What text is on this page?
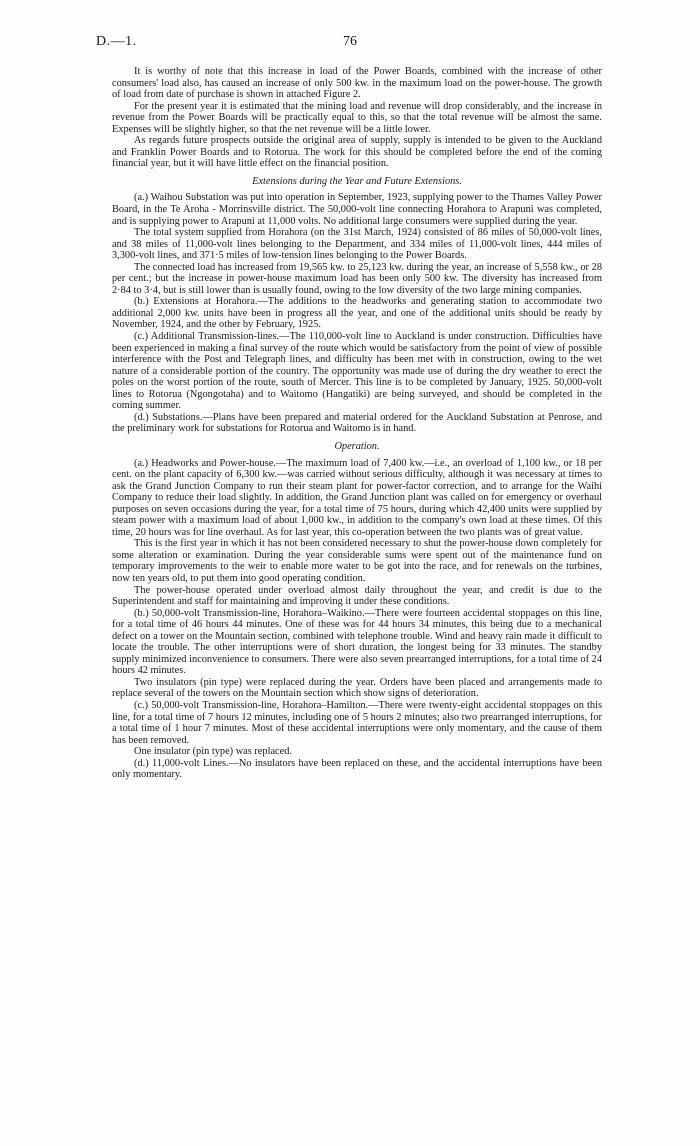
76
D.—1.

It is worthy of note that this increase in load of the Power Boards, combined with the increase of other consumers' load also, has caused an increase of only 500 kw. in the maximum load on the power-house. The growth of load from date of purchase is shown in attached Figure 2.

For the present year it is estimated that the mining load and revenue will drop considerably, and the increase in revenue from the Power Boards will be practically equal to this, so that the total revenue will be almost the same. Expenses will be slightly higher, so that the net revenue will be a little lower.

As regards future prospects outside the original area of supply, supply is intended to be given to the Auckland and Franklin Power Boards and to Rotorua. The work for this should be completed before the end of the coming financial year, but it will have little effect on the financial position.

Extensions during the Year and Future Extensions.

(a.) Waihou Substation was put into operation in September, 1923, supplying power to the Thames Valley Power Board, in the Te Aroha - Morrinsville district. The 50,000-volt line connecting Horahora to Arapuni was completed, and is supplying power to Arapuni at 11,000 volts. No additional large consumers were supplied during the year.

The total system supplied from Horahora (on the 31st March, 1924) consisted of 86 miles of 50,000-volt lines, and 38 miles of 11,000-volt lines belonging to the Department, and 334 miles of 11,000-volt lines, 444 miles of 3,300-volt lines, and 371·5 miles of low-tension lines belonging to the Power Boards.

The connected load has increased from 19,565 kw. to 25,123 kw. during the year, an increase of 5,558 kw., or 28 per cent.; but the increase in power-house maximum load has been only 500 kw. The diversity has increased from 2·84 to 3·4, but is still lower than is usually found, owing to the low diversity of the two large mining companies.

(b.) Extensions at Horahora.—The additions to the headworks and generating station to accommodate two additional 2,000 kw. units have been in progress all the year, and one of the additional units should be ready by November, 1924, and the other by February, 1925.

(c.) Additional Transmission-lines.—The 110,000-volt line to Auckland is under construction. Difficulties have been experienced in making a final survey of the route which would be satisfactory from the point of view of possible interference with the Post and Telegraph lines, and difficulty has been met with in construction, owing to the wet nature of a considerable portion of the country. The opportunity was made use of during the dry weather to erect the poles on the worst portion of the route, south of Mercer. This line is to be completed by January, 1925. 50,000-volt lines to Rotorua (Ngongotaha) and to Waitomo (Hangatiki) are being surveyed, and should be completed in the coming summer.

(d.) Substations.—Plans have been prepared and material ordered for the Auckland Substation at Penrose, and the preliminary work for substations for Rotorua and Waitomo is in hand.

Operation.

(a.) Headworks and Power-house.—The maximum load of 7,400 kw.—i.e., an overload of 1,100 kw., or 18 per cent. on the plant capacity of 6,300 kw.—was carried without serious difficulty, although it was necessary at times to ask the Grand Junction Company to run their steam plant for power-factor correction, and to arrange for the Waihi Company to reduce their load slightly. In addition, the Grand Junction plant was called on for emergency or overhaul purposes on seven occasions during the year, for a total time of 75 hours, during which 42,400 units were supplied by steam power with a maximum load of about 1,000 kw., in addition to the company's own load at these times. Of this time, 20 hours was for line overhaul. As for last year, this co-operation between the two plants was of great value.

This is the first year in which it has not been considered necessary to shut the power-house down completely for some alteration or examination. During the year considerable sums were spent out of the maintenance fund on temporary improvements to the weir to enable more water to be got into the race, and for renewals on the turbines, now ten years old, to put them into good operating condition.

The power-house operated under overload almost daily throughout the year, and credit is due to the Superintendent and staff for maintaining and improving it under these conditions.

(b.) 50,000-volt Transmission-line, Horahora–Waikino.—There were fourteen accidental stoppages on this line, for a total time of 46 hours 44 minutes. One of these was for 44 hours 34 minutes, this being due to a mechanical defect on a tower on the Mountain section, combined with telephone trouble. Wind and heavy rain made it difficult to locate the trouble. The other interruptions were of short duration, the longest being for 33 minutes. The standby supply minimized inconvenience to consumers. There were also seven prearranged interruptions, for a total time of 24 hours 42 minutes.

Two insulators (pin type) were replaced during the year. Orders have been placed and arrangements made to replace several of the towers on the Mountain section which show signs of deterioration.

(c.) 50,000-volt Transmission-line, Horahora–Hamilton.—There were twenty-eight accidental stoppages on this line, for a total time of 7 hours 12 minutes, including one of 5 hours 2 minutes; also two prearranged interruptions, for a total time of 1 hour 7 minutes. Most of these accidental interruptions were only momentary, and the cause of them has been removed.

One insulator (pin type) was replaced.

(d.) 11,000-volt Lines.—No insulators have been replaced on these, and the accidental interruptions have been only momentary.
